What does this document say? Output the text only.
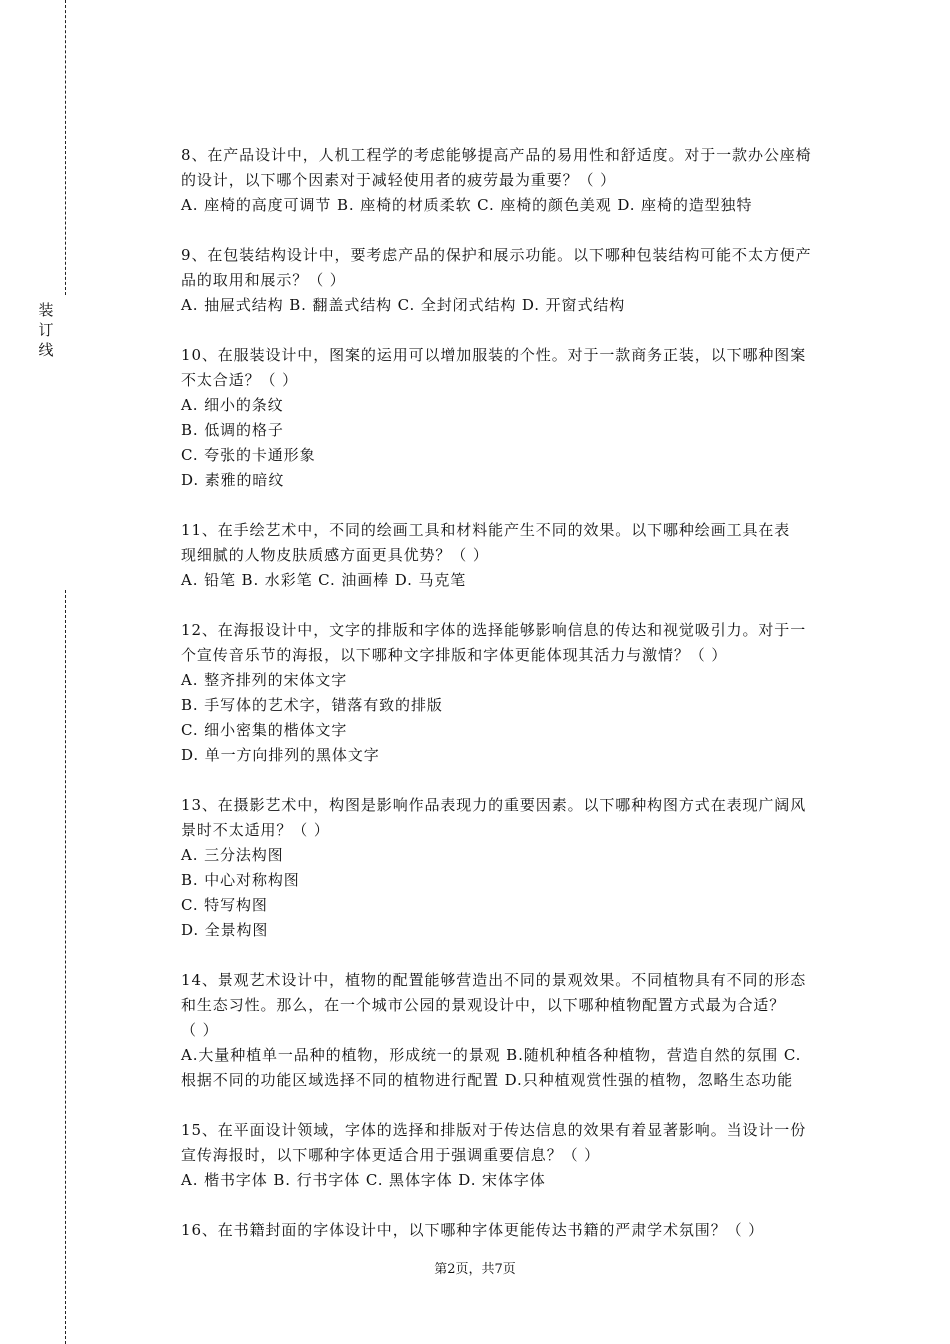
装订线
8、在产品设计中，人机工程学的考虑能够提高产品的易用性和舒适度。对于一款办公座椅
的设计，以下哪个因素对于减轻使用者的疲劳最为重要？（ ）
A. 座椅的高度可调节 B. 座椅的材质柔软 C. 座椅的颜色美观 D. 座椅的造型独特
9、在包装结构设计中，要考虑产品的保护和展示功能。以下哪种包装结构可能不太方便产
品的取用和展示？（ ）
A. 抽屉式结构 B. 翻盖式结构 C. 全封闭式结构 D. 开窗式结构
10、在服装设计中，图案的运用可以增加服装的个性。对于一款商务正装，以下哪种图案
不太合适？（ ）
A. 细小的条纹
B. 低调的格子
C. 夸张的卡通形象
D. 素雅的暗纹
11、在手绘艺术中，不同的绘画工具和材料能产生不同的效果。以下哪种绘画工具在表
现细腻的人物皮肤质感方面更具优势？（ ）
A. 铅笔 B. 水彩笔 C. 油画棒 D. 马克笔
12、在海报设计中，文字的排版和字体的选择能够影响信息的传达和视觉吸引力。对于一
个宣传音乐节的海报，以下哪种文字排版和字体更能体现其活力与激情？（ ）
A. 整齐排列的宋体文字
B. 手写体的艺术字，错落有致的排版
C. 细小密集的楷体文字
D. 单一方向排列的黑体文字
13、在摄影艺术中，构图是影响作品表现力的重要因素。以下哪种构图方式在表现广阔风
景时不太适用？（ ）
A. 三分法构图
B. 中心对称构图
C. 特写构图
D. 全景构图
14、景观艺术设计中，植物的配置能够营造出不同的景观效果。不同植物具有不同的形态
和生态习性。那么，在一个城市公园的景观设计中，以下哪种植物配置方式最为合适？
（ ）
A.大量种植单一品种的植物，形成统一的景观 B.随机种植各种植物，营造自然的氛围 C.
根据不同的功能区域选择不同的植物进行配置 D.只种植观赏性强的植物，忽略生态功能
15、在平面设计领域，字体的选择和排版对于传达信息的效果有着显著影响。当设计一份
宣传海报时，以下哪种字体更适合用于强调重要信息？（ ）
A. 楷书字体 B. 行书字体 C. 黑体字体 D. 宋体字体
16、在书籍封面的字体设计中，以下哪种字体更能传达书籍的严肃学术氛围？（ ）
第2页，共7页
